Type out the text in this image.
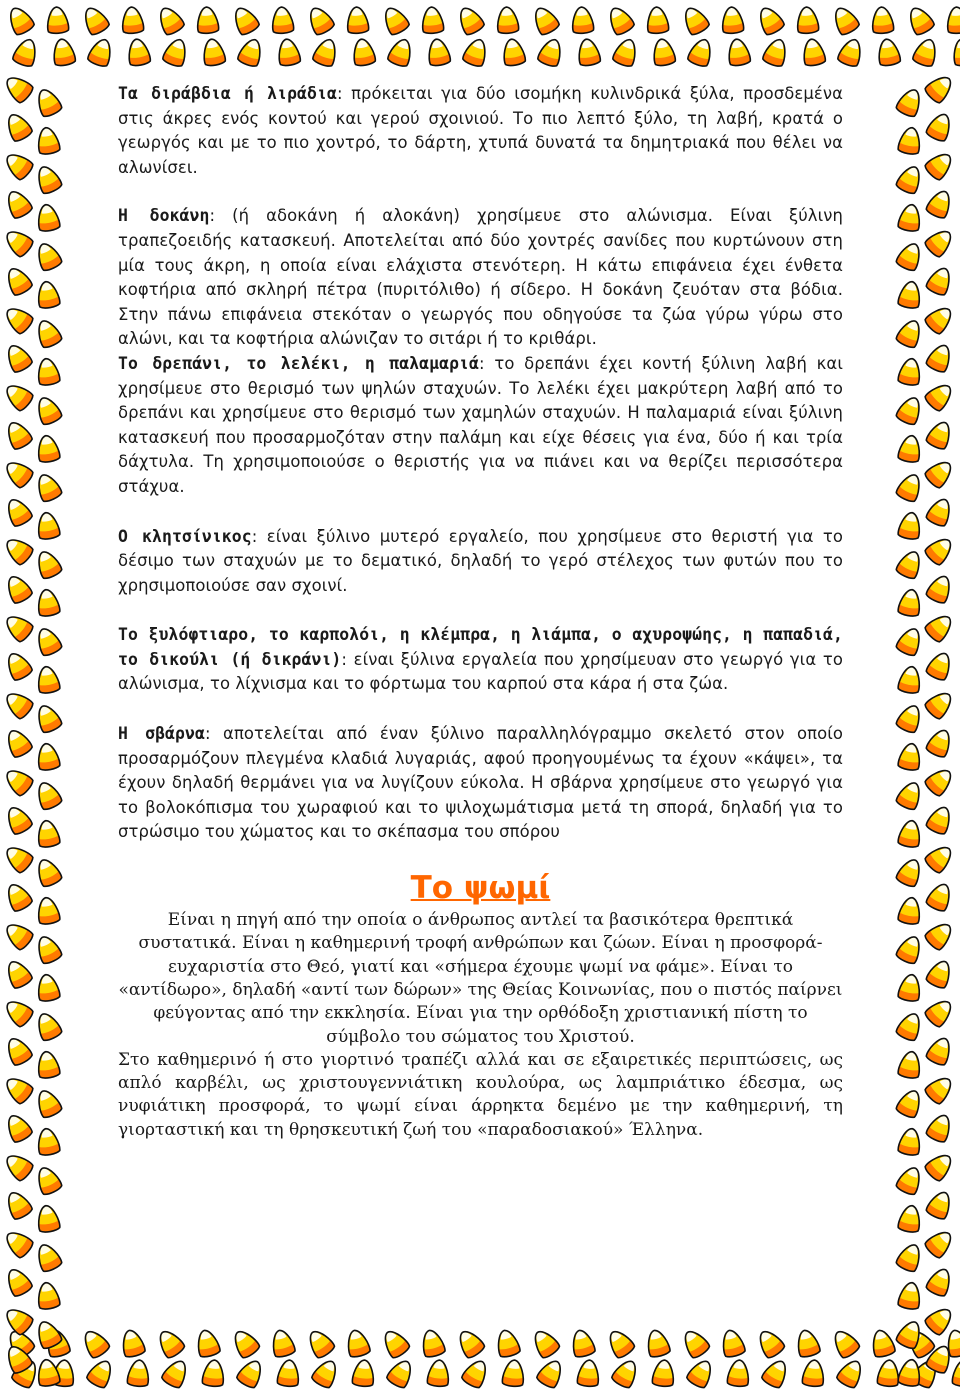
Τα διράβδια ή λιράδια: πρόκειται για δύο ισομήκη κυλινδρικά ξύλα, προσδεμένα στις άκρες ενός κοντού και γερού σχοινιού. Το πιο λεπτό ξύλο, τη λαβή, κρατά ο γεωργός και με το πιο χοντρό, το δάρτη, χτυπά δυνατά τα δημητριακά που θέλει να αλωνίσει.

Η δοκάνη: (ή αδοκάνη ή αλοκάνη) χρησίμευε στο αλώνισμα. Είναι ξύλινη τραπεζοειδής κατασκευή. Αποτελείται από δύο χοντρές σανίδες που κυρτώνουν στη μία τους άκρη, η οποία είναι ελάχιστα στενότερη. Η κάτω επιφάνεια έχει ένθετα κοφτήρια από σκληρή πέτρα (πυριτόλιθο) ή σίδερο. Η δοκάνη ζευόταν στα βόδια. Στην πάνω επιφάνεια στεκόταν ο γεωργός που οδηγούσε τα ζώα γύρω γύρω στο αλώνι, και τα κοφτήρια αλώνιζαν το σιτάρι ή το κριθάρι.

Το δρεπάνι, το λελέκι, η παλαμαριά: το δρεπάνι έχει κοντή ξύλινη λαβή και χρησίμευε στο θερισμό των ψηλών σταχυών. Το λελέκι έχει μακρύτερη λαβή από το δρεπάνι και χρησίμευε στο θερισμό των χαμηλών σταχυών. Η παλαμαριά είναι ξύλινη κατασκευή που προσαρμοζόταν στην παλάμη και είχε θέσεις για ένα, δύο ή και τρία δάχτυλα. Τη χρησιμοποιούσε ο θεριστής για να πιάνει και να θερίζει περισσότερα στάχυα.

Ο κλητσίνικος: είναι ξύλινο μυτερό εργαλείο, που χρησίμευε στο θεριστή για το δέσιμο των σταχυών με το δεματικό, δηλαδή το γερό στέλεχος των φυτών που το χρησιμοποιούσε σαν σχοινί.

Το ξυλόφτιαρο, το καρπολόι, η κλέμπρα, η λιάμπα, ο αχυροψώης, η παπαδιά, το δικούλι (ή δικράνι): είναι ξύλινα εργαλεία που χρησίμευαν στο γεωργό για το αλώνισμα, το λίχνισμα και το φόρτωμα του καρπού στα κάρα ή στα ζώα.

Η σβάρνα: αποτελείται από έναν ξύλινο παραλληλόγραμμο σκελετό στον οποίο προσαρμόζουν πλεγμένα κλαδιά λυγαριάς, αφού προηγουμένως τα έχουν «κάψει», τα έχουν δηλαδή θερμάνει για να λυγίζουν εύκολα. Η σβάρνα χρησίμευε στο γεωργό για το βολοκόπισμα του χωραφιού και το ψιλοχωμάτισμα μετά τη σπορά, δηλαδή για το στρώσιμο του χώματος και το σκέπασμα του σπόρου

Το ψωμί

Είναι η πηγή από την οποία ο άνθρωπος αντλεί τα βασικότερα θρεπτικά συστατικά. Είναι η καθημερινή τροφή ανθρώπων και ζώων. Είναι η προσφορά-ευχαριστία στο Θεό, γιατί και «σήμερα έχουμε ψωμί να φάμε». Είναι το «αντίδωρο», δηλαδή «αντί των δώρων» της Θείας Κοινωνίας, που ο πιστός παίρνει φεύγοντας από την εκκλησία. Είναι για την ορθόδοξη χριστιανική πίστη το σύμβολο του σώματος του Χριστού.

Στο καθημερινό ή στο γιορτινό τραπέζι αλλά και σε εξαιρετικές περιπτώσεις, ως απλό καρβέλι, ως χριστουγεννιάτικη κουλούρα, ως λαμπριάτικο έδεσμα, ως νυφιάτικη προσφορά, το ψωμί είναι άρρηκτα δεμένο με την καθημερινή, τη γιορταστική και τη θρησκευτική ζωή του «παραδοσιακού» Έλληνα.
